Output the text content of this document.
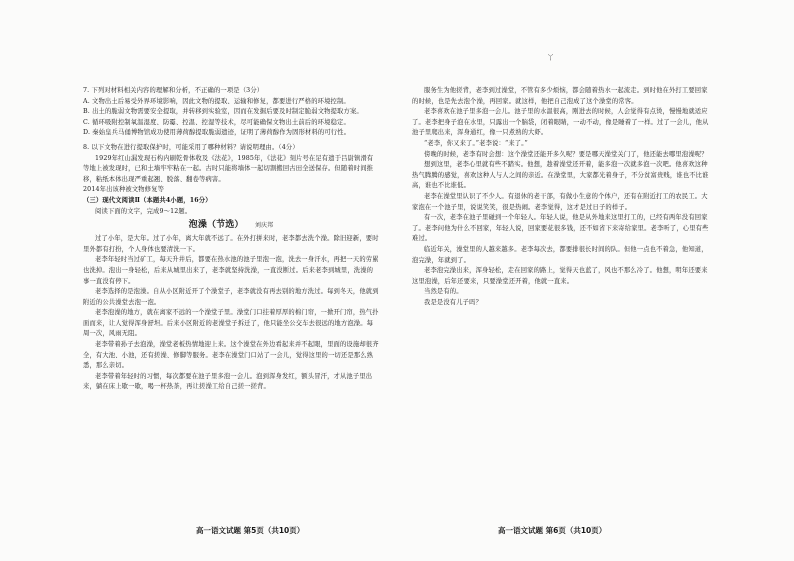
ㄚ

7. 下列对材料相关内容的理解和分析，不正确的一项是（3分）

A. 文物出土后易受外界环境影响，因此文物的提取、运输和修复，都要进行严格的环境控制。

B. 出土的脆弱文物需要安全提取，并转移到实验室，因而在发掘后要及时制定脆弱文物提取方案。

C. 循环吸附控制氧温湿度、防霉、控温、控湿等技术，尽可能确保文物出土前后的环境稳定。

D. 秦始皇兵马俑博物馆成功使用薄荷醇提取脆弱遗迹，证明了薄荷醇作为固形材料的可行性。

8. 以下文物在进行提取保护时，可能采用了哪种材料？请说明理由。（4分）

1929年红山漏发现石构内刷乾骨体收及《法花》，1985年，《法花》刻片号在足有遗于吕尉镇滑有等地上被发现时，已和土墙牢牢粘在一起。古时只能将墙体一起切割搬回古田全送保存。但随着时间推移，粘纸本体出现严重起翘、脱落、翻卷等病害。

2014年出该种被文物修复等

（三）现代文阅读Ⅱ（本题共4小题，16分）

阅读下面的文字，完成9～12题。

泡澡（节选） 刘庆邦

过了小年，是大年。过了小年，离大年就不远了。在外打拼来时，老李都去洗个澡。除旧迎新，要时里外都有打扮，个人身体也要清洗一下。

老李年轻时当过矿工，每天升井后，都要在热水池的池子里泡一泡，洗去一身汗水，再把一天的劳累也洗掉。泡出一身轻松，后来从城里出来了，老李就坚持洗澡，一直没断过。后来老李到城里，洗澡的事一直没有停下。

老李选择的是泡澡。自从小区附近开了个澡堂子，老李就没有再去别的地方洗过。每到冬天，他就到附近的公共澡堂去泡一泡。

老李泡澡的地方，就在离家不远的一个澡堂子里。澡堂门口挂着厚厚的棉门帘，一掀开门帘，热气扑面而来，让人觉得浑身舒坦。后来小区附近的老澡堂子拆迁了，他只能坐公交车去很远的地方泡澡。每周一次，风雨无阻。

老李带着孙子去泡澡，澡堂老板热情地迎上来。这个澡堂在外边看起来并不起眼，里面的设施却很齐全，有大池、小池，还有搓澡、修脚等服务。老李在澡堂门口站了一会儿，觉得这里的一切还是那么熟悉，那么亲切。

老李带着年轻时的习惯，每次都要在池子里多泡一会儿。泡到浑身发红，额头冒汗，才从池子里出来，躺在床上歇一歇，喝一杯热茶，再让搓澡工给自己搓一搓背。

高一语文试题 第5页（共10页）

服务生为他搓背，老李到过澡堂，不管有多少烦恼，都会随着热水一起流走。到时他在外打工要回家的时候，也是先去泡个澡，再回家。就这样，他把自己泡成了这个澡堂的常客。

老李喜欢在池子里多泡一会儿。池子里的水温很高，刚进去的时候，人会觉得有点烫，慢慢地就适应了。老李把身子泡在水里，只露出一个脑袋，闭着眼睛，一动不动，像是睡着了一样。过了一会儿，他从池子里爬出来，浑身通红，像一只煮熟的大虾。

“老李，你又来了。”老李说：“来了。”

傍晚的时候，老李有时会想：这个澡堂还能开多久呢？要是哪天澡堂关门了，他还能去哪里泡澡呢？

想到这里，老李心里就有些不踏实。他想，趁着澡堂还开着，能多泡一次就多泡一次吧。他喜欢这种热气腾腾的感觉，喜欢这种人与人之间的亲近。在澡堂里，大家都光着身子，不分贫富贵贱，谁也不比谁高，谁也不比谁低。

老李在澡堂里认识了不少人。有退休的老干部，有做小生意的个体户，还有在附近打工的农民工。大家泡在一个池子里，说说笑笑，很是热闹。老李觉得，这才是过日子的样子。

有一次，老李在池子里碰到一个年轻人。年轻人说，他是从外地来这里打工的，已经有两年没有回家了。老李问他为什么不回家，年轻人说，回家要花很多钱，还不如省下来寄给家里。老李听了，心里有些难过。

临近年关，澡堂里的人越来越多。老李每次去，都要排很长时间的队。但他一点也不着急，他知道，泡完澡，年就到了。

老李泡完澡出来，浑身轻松，走在回家的路上，觉得天也蓝了，风也不那么冷了。他想，明年还要来这里泡澡，后年还要来，只要澡堂还开着，他就一直来。

当然是有的。

我是是没有儿子吗？

高一语文试题 第6页（共10页）
